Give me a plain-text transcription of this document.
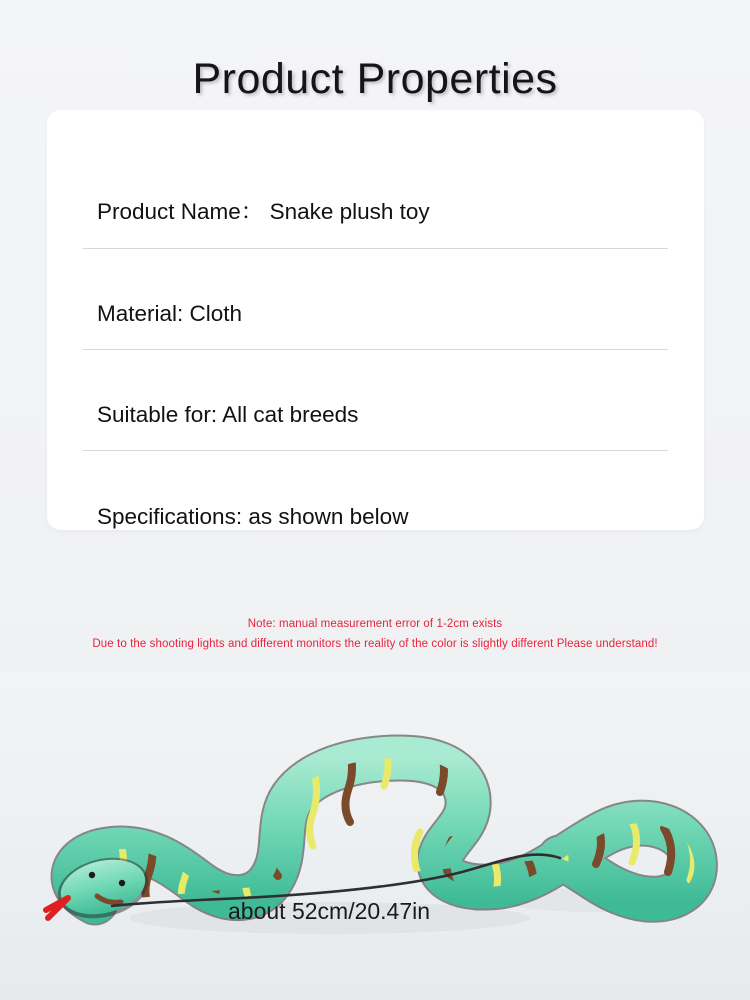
Product Properties
Product Name： Snake plush toy
Material: Cloth
Suitable for: All cat breeds
Specifications: as shown below
Note: manual measurement error of 1-2cm exists
Due to the shooting lights and different monitors the reality of the color is slightly different Please understand!
about 52cm/20.47in
